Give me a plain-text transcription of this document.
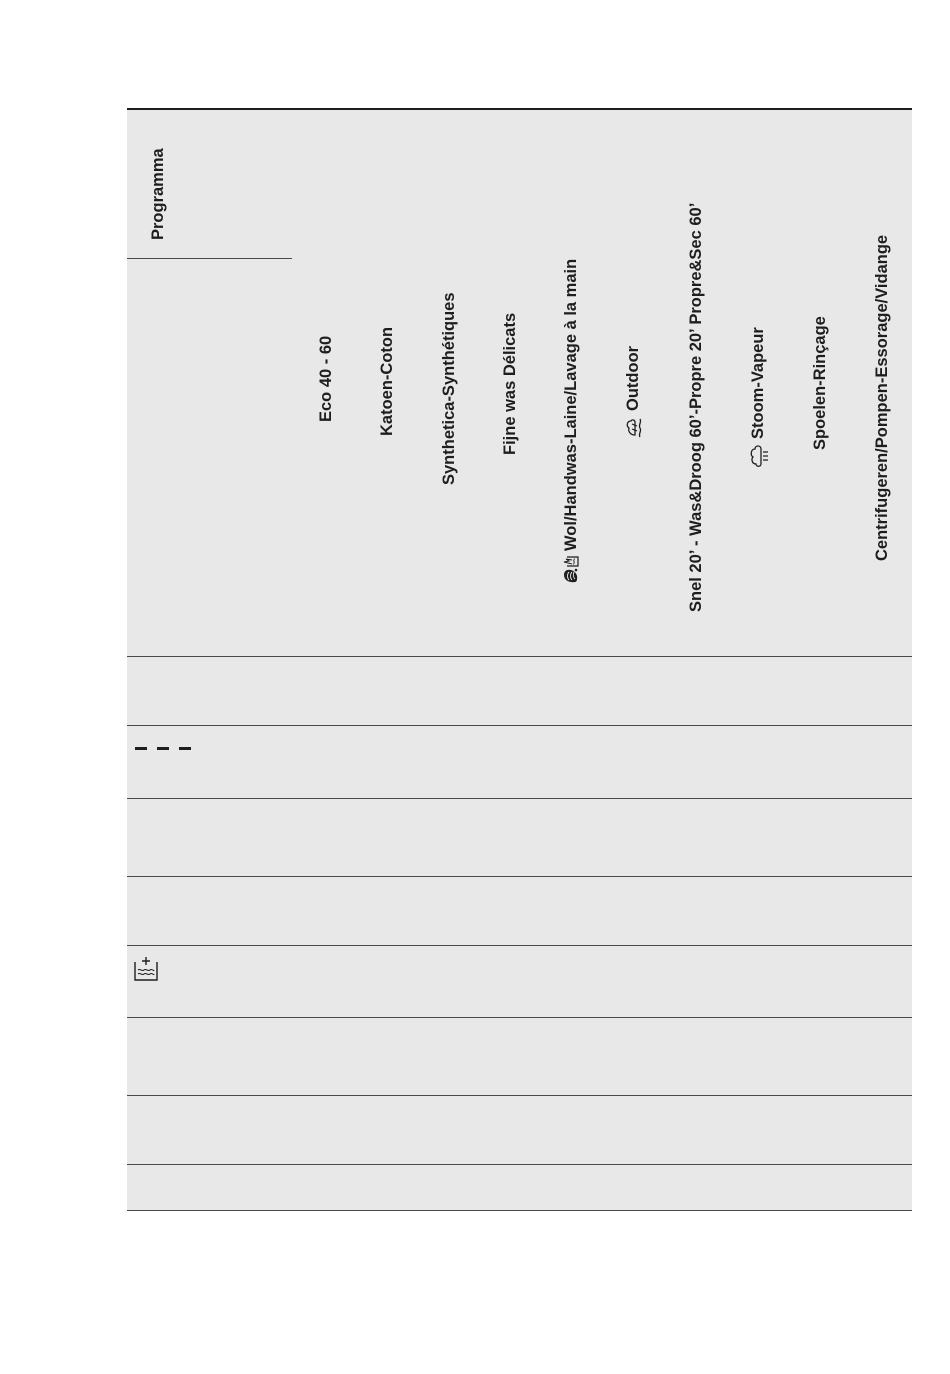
Programma
Eco 40 - 60	Katoen-Coton	Synthetica-Synthétiques	Fijne was Délicats	Wol/Handwas-Laine/Lavage à la main	Outdoor	Snel 20’ - Was&Droog 60’-Propre 20’ Propre&Sec 60’	Stoom-Vapeur	Spoelen-Rinçage	Centrifugeren/Pompen-Essorage/Vidange
